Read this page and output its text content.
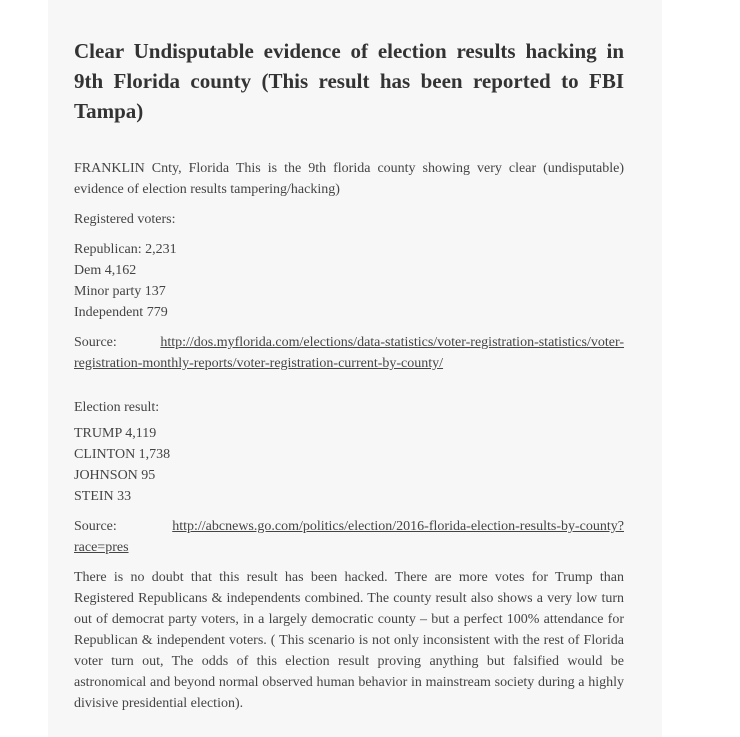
Clear Undisputable evidence of election results hacking in 9th Florida county (This result has been reported to FBI Tampa)

FRANKLIN Cnty, Florida This is the 9th florida county showing very clear (undisputable) evidence of election results tampering/hacking)

Registered voters:

Republican: 2,231
Dem 4,162
Minor party 137
Independent 779

Source:	http://dos.myflorida.com/elections/data-statistics/voter-registration-statistics/voter-registration-monthly-reports/voter-registration-current-by-county/

Election result:

TRUMP 4,119
CLINTON 1,738
JOHNSON 95
STEIN 33

Source:	http://abcnews.go.com/politics/election/2016-florida-election-results-by-county?race=pres

There is no doubt that this result has been hacked. There are more votes for Trump than Registered Republicans & independents combined. The county result also shows a very low turn out of democrat party voters, in a largely democratic county – but a perfect 100% attendance for Republican & independent voters. ( This scenario is not only inconsistent with the rest of Florida voter turn out, The odds of this election result proving anything but falsified would be astronomical and beyond normal observed human behavior in mainstream society during a highly divisive presidential election).
